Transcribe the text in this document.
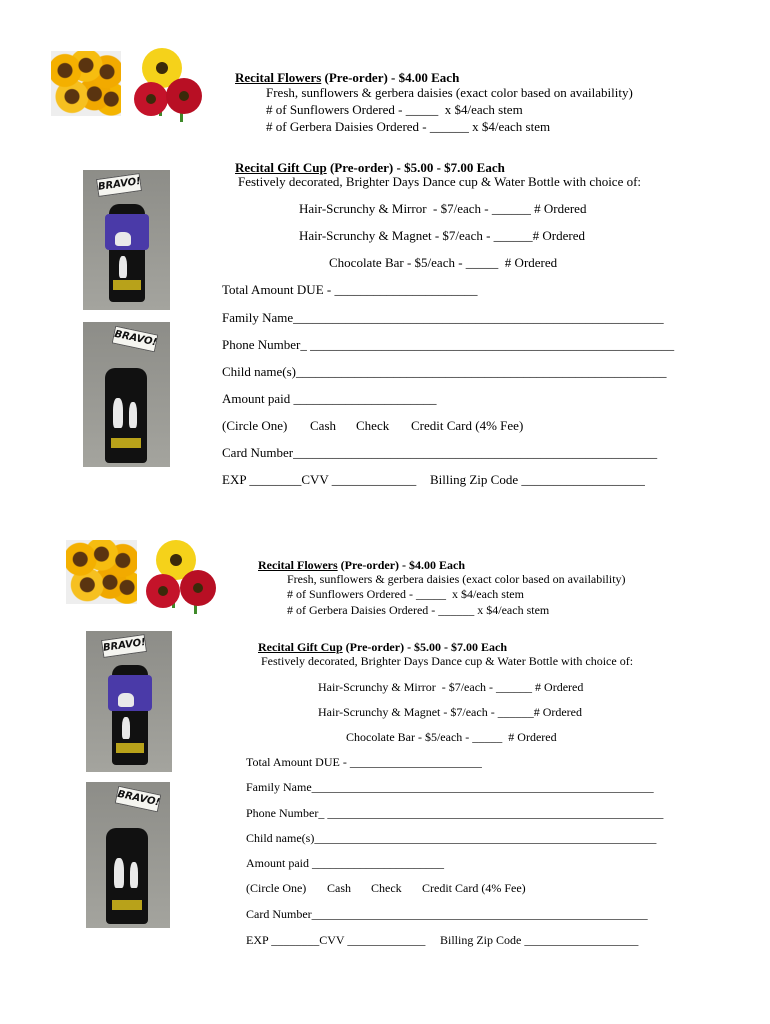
BRAVO!
BRAVO!

Recital Flowers (Pre-order) - $4.00 Each

Fresh, sunflowers & gerbera daisies (exact color based on availability)
# of Sunflowers Ordered - _____  x $4/each stem
# of Gerbera Daisies Ordered - ______ x $4/each stem

Recital Gift Cup (Pre-order) - $5.00 - $7.00 Each

Festively decorated, Brighter Days Dance cup & Water Bottle with choice of:
Hair-Scrunchy & Mirror  - $7/each - ______ # Ordered
Hair-Scrunchy & Magnet - $7/each - ______# Ordered
Chocolate Bar - $5/each - _____  # Ordered
Total Amount DUE - ______________________
Family Name_________________________________________________________
Phone Number_ ________________________________________________________
Child name(s)_________________________________________________________
Amount paid ______________________
(Circle One) Cash Check Credit Card (4% Fee)
Card Number________________________________________________________
EXP ________CVV _____________ Billing Zip Code ___________________
BRAVO!
BRAVO!

Recital Flowers (Pre-order) - $4.00 Each

Fresh, sunflowers & gerbera daisies (exact color based on availability)
# of Sunflowers Ordered - _____  x $4/each stem
# of Gerbera Daisies Ordered - ______ x $4/each stem

Recital Gift Cup (Pre-order) - $5.00 - $7.00 Each

Festively decorated, Brighter Days Dance cup & Water Bottle with choice of:
Hair-Scrunchy & Mirror  - $7/each - ______ # Ordered
Hair-Scrunchy & Magnet - $7/each - ______# Ordered
Chocolate Bar - $5/each - _____  # Ordered
Total Amount DUE - ______________________
Family Name_________________________________________________________
Phone Number_ ________________________________________________________
Child name(s)_________________________________________________________
Amount paid ______________________
(Circle One) Cash Check Credit Card (4% Fee)
Card Number________________________________________________________
EXP ________CVV _____________ Billing Zip Code ___________________
